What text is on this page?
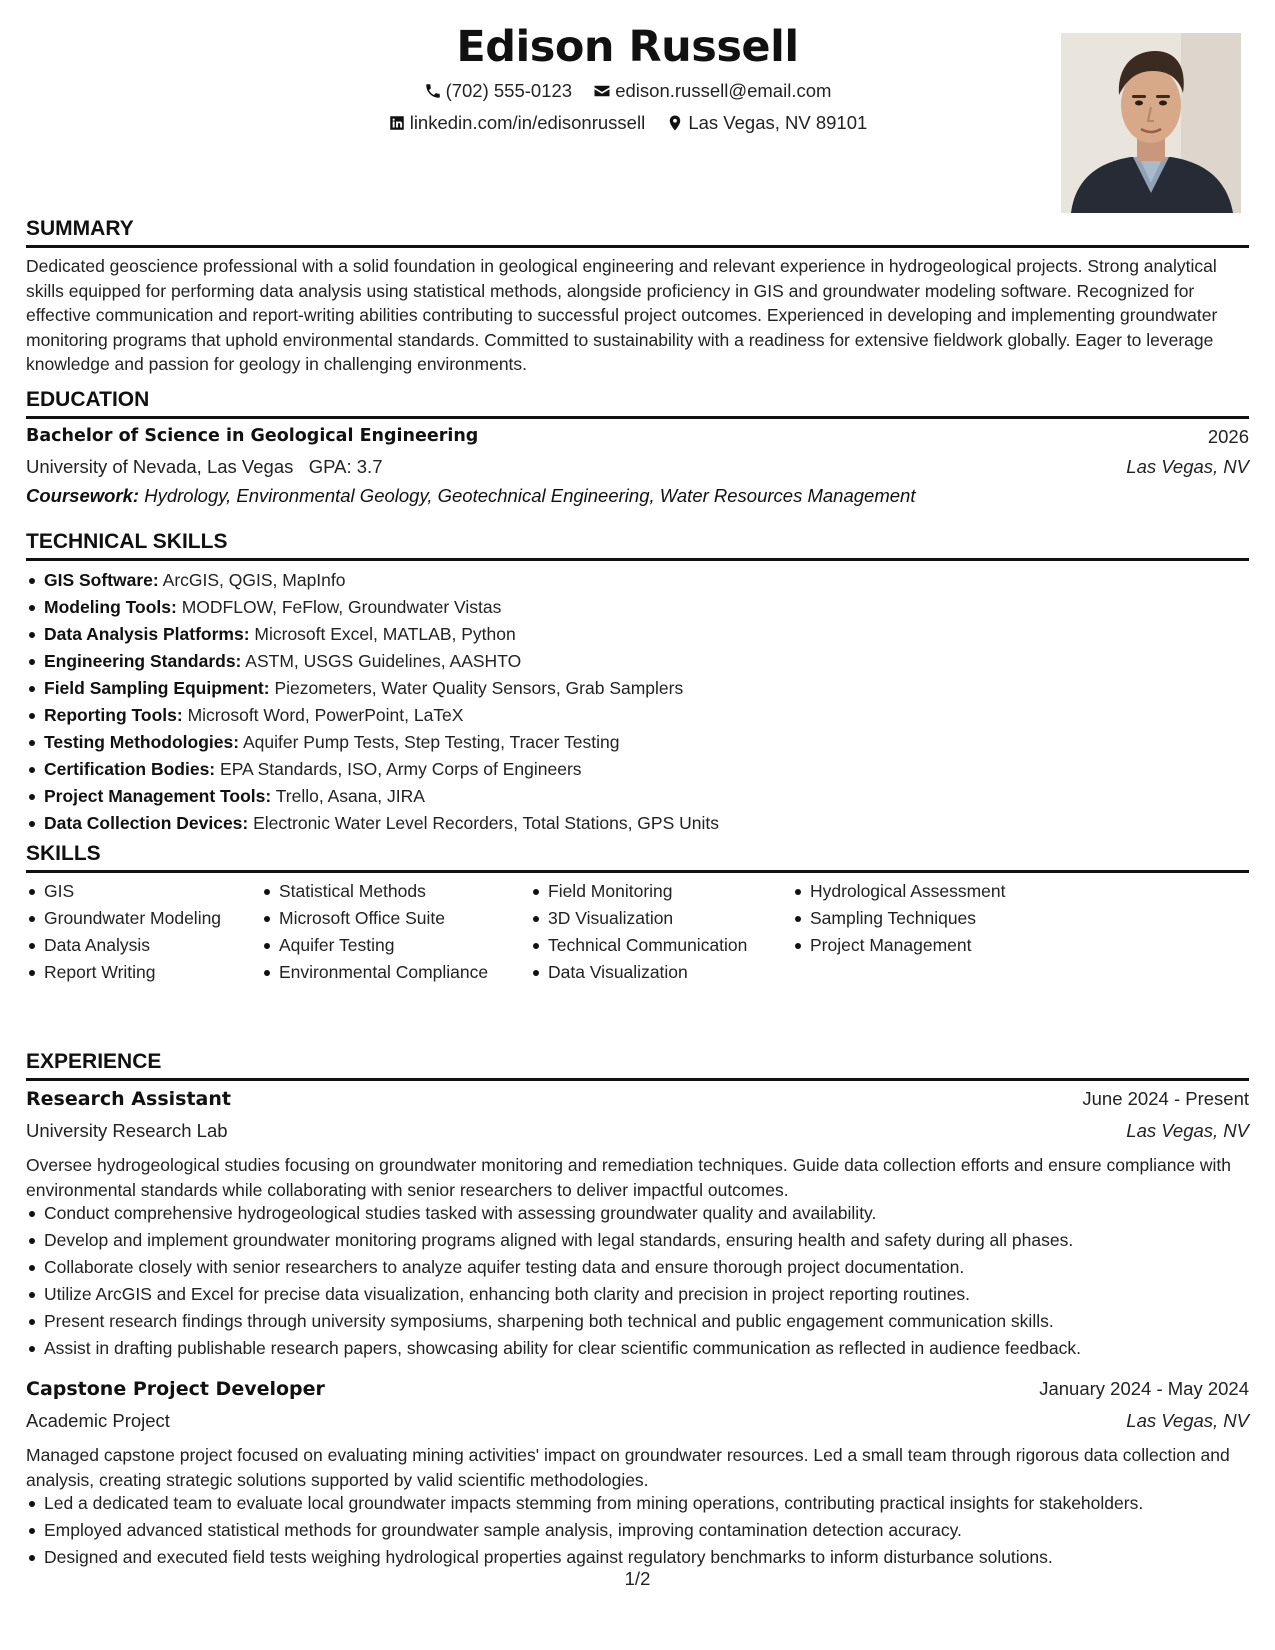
Edison Russell
(702) 555-0123
edison.russell@email.com
linkedin.com/in/edisonrussell
Las Vegas, NV 89101
SUMMARY
Dedicated geoscience professional with a solid foundation in geological engineering and relevant experience in hydrogeological projects. Strong analytical skills equipped for performing data analysis using statistical methods, alongside proficiency in GIS and groundwater modeling software. Recognized for effective communication and report-writing abilities contributing to successful project outcomes. Experienced in developing and implementing groundwater monitoring programs that uphold environmental standards. Committed to sustainability with a readiness for extensive fieldwork globally. Eager to leverage knowledge and passion for geology in challenging environments.
EDUCATION
Bachelor of Science in Geological Engineering	2026
University of Nevada, Las Vegas GPA: 3.7	Las Vegas, NV
Coursework:
Hydrology, Environmental Geology, Geotechnical Engineering, Water Resources Management
TECHNICAL SKILLS
GIS Software: ArcGIS, QGIS, MapInfo
Modeling Tools: MODFLOW, FeFlow, Groundwater Vistas
Data Analysis Platforms: Microsoft Excel, MATLAB, Python
Engineering Standards: ASTM, USGS Guidelines, AASHTO
Field Sampling Equipment: Piezometers, Water Quality Sensors, Grab Samplers
Reporting Tools: Microsoft Word, PowerPoint, LaTeX
Testing Methodologies: Aquifer Pump Tests, Step Testing, Tracer Testing
Certification Bodies: EPA Standards, ISO, Army Corps of Engineers
Project Management Tools: Trello, Asana, JIRA
Data Collection Devices: Electronic Water Level Recorders, Total Stations, GPS Units
SKILLS
GIS
Groundwater Modeling
Data Analysis
Report Writing
Statistical Methods
Microsoft Office Suite
Aquifer Testing
Environmental Compliance
Field Monitoring
3D Visualization
Technical Communication
Data Visualization
Hydrological Assessment
Sampling Techniques
Project Management
EXPERIENCE
Research Assistant	June 2024 - Present
University Research Lab	Las Vegas, NV
Oversee hydrogeological studies focusing on groundwater monitoring and remediation techniques. Guide data collection efforts and ensure compliance with environmental standards while collaborating with senior researchers to deliver impactful outcomes.
Conduct comprehensive hydrogeological studies tasked with assessing groundwater quality and availability.
Develop and implement groundwater monitoring programs aligned with legal standards, ensuring health and safety during all phases.
Collaborate closely with senior researchers to analyze aquifer testing data and ensure thorough project documentation.
Utilize ArcGIS and Excel for precise data visualization, enhancing both clarity and precision in project reporting routines.
Present research findings through university symposiums, sharpening both technical and public engagement communication skills.
Assist in drafting publishable research papers, showcasing ability for clear scientific communication as reflected in audience feedback.
Capstone Project Developer	January 2024 - May 2024
Academic Project	Las Vegas, NV
Managed capstone project focused on evaluating mining activities' impact on groundwater resources. Led a small team through rigorous data collection and analysis, creating strategic solutions supported by valid scientific methodologies.
Led a dedicated team to evaluate local groundwater impacts stemming from mining operations, contributing practical insights for stakeholders.
Employed advanced statistical methods for groundwater sample analysis, improving contamination detection accuracy.
Designed and executed field tests weighing hydrological properties against regulatory benchmarks to inform disturbance solutions.
1/2
